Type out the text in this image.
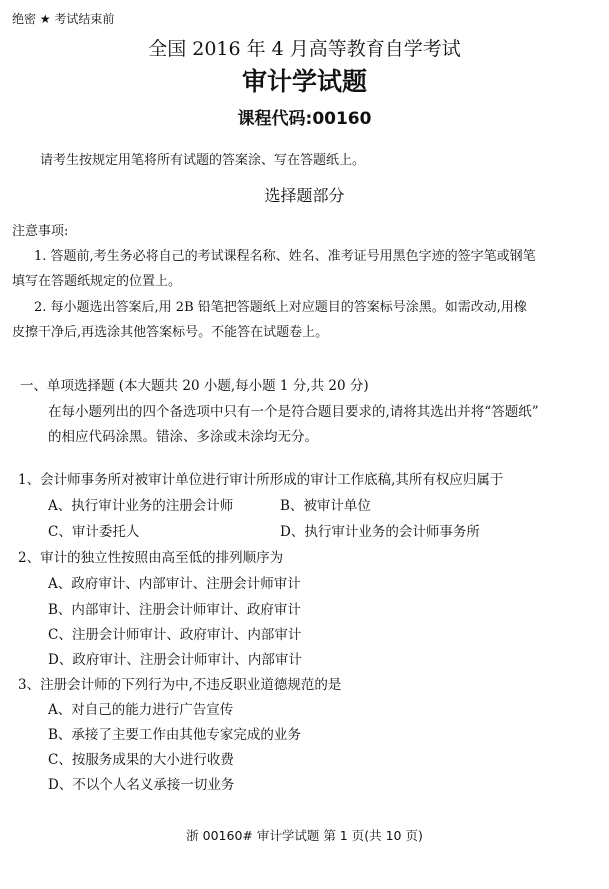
绝密 ★ 考试结束前
全国 2016 年 4 月高等教育自学考试
审计学试题
课程代码:00160
请考生按规定用笔将所有试题的答案涂、写在答题纸上。
选择题部分
注意事项:
1. 答题前,考生务必将自己的考试课程名称、姓名、准考证号用黑色字迹的签字笔或钢笔
填写在答题纸规定的位置上。
2. 每小题选出答案后,用 2B 铅笔把答题纸上对应题目的答案标号涂黑。如需改动,用橡
皮擦干净后,再选涂其他答案标号。不能答在试题卷上。
一、单项选择题 (本大题共 20 小题,每小题 1 分,共 20 分)
在每小题列出的四个备选项中只有一个是符合题目要求的,请将其选出并将“答题纸”
的相应代码涂黑。错涂、多涂或未涂均无分。
1、会计师事务所对被审计单位进行审计所形成的审计工作底稿,其所有权应归属于
A、执行审计业务的注册会计师	B、被审计单位
C、审计委托人	D、执行审计业务的会计师事务所
2、审计的独立性按照由高至低的排列顺序为
A、政府审计、内部审计、注册会计师审计
B、内部审计、注册会计师审计、政府审计
C、注册会计师审计、政府审计、内部审计
D、政府审计、注册会计师审计、内部审计
3、注册会计师的下列行为中,不违反职业道德规范的是
A、对自己的能力进行广告宣传
B、承接了主要工作由其他专家完成的业务
C、按服务成果的大小进行收费
D、不以个人名义承接一切业务
浙 00160# 审计学试题 第 1 页(共 10 页)
